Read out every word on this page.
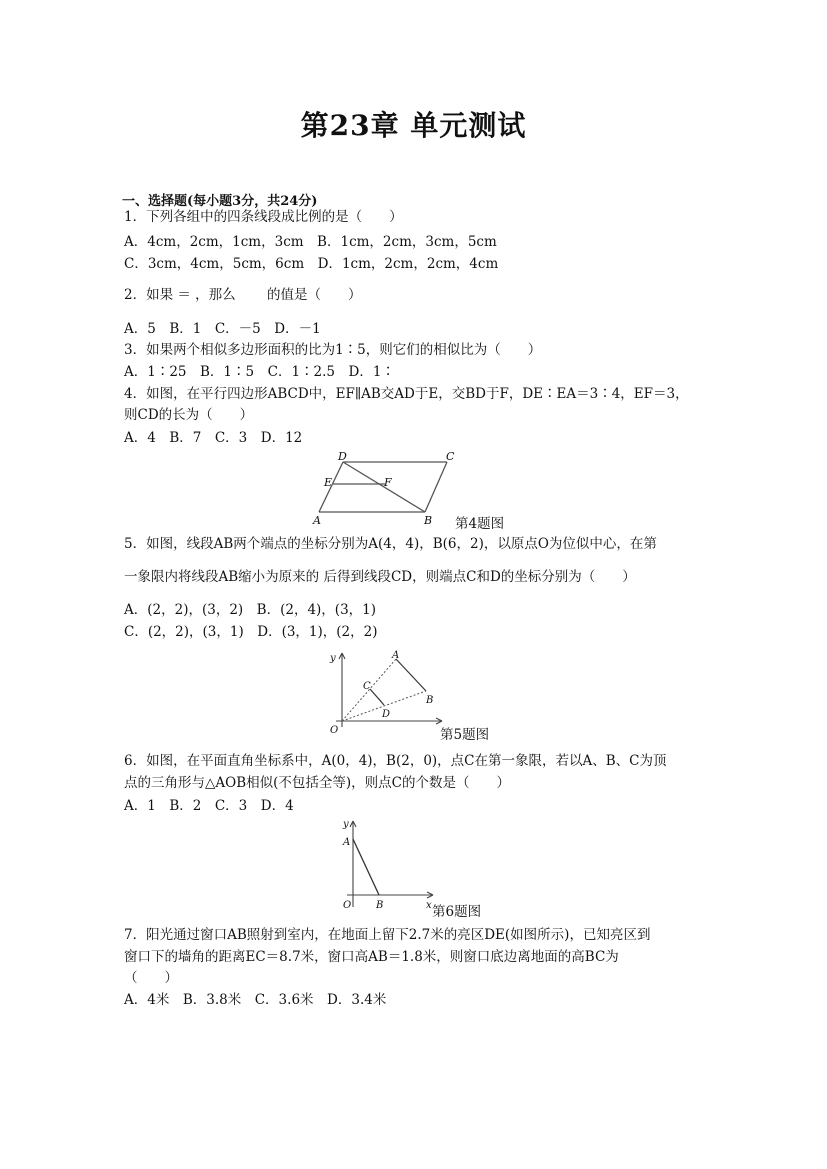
第23章 单元测试
一、选择题(每小题3分，共24分)
1．下列各组中的四条线段成比例的是（　　）
A．4cm，2cm，1cm，3cm　B．1cm，2cm，3cm，5cm
C．3cm，4cm，5cm，6cm　D．1cm，2cm，2cm，4cm
2．如果 ＝ ，那么　　 的值是（　　）
A．5　B．1　C．－5　D．－1
3．如果两个相似多边形面积的比为1∶5，则它们的相似比为（　　）
A．1∶25　B．1∶5　C．1∶2.5　D．1∶
4．如图，在平行四边形ABCD中，EF∥AB交AD于E，交BD于F，DE∶EA＝3∶4，EF＝3，
则CD的长为（　　）
A．4　B．7　C．3　D．12
D	C
E	F
A	B 第4题图
5．如图，线段AB两个端点的坐标分别为A(4，4)，B(6，2)，以原点O为位似中心，在第
一象限内将线段AB缩小为原来的 后得到线段CD，则端点C和D的坐标分别为（　　）
A．(2，2)，(3，2)　B．(2，4)，(3，1)
C．(2，2)，(3，1)　D．(3，1)，(2，2)
y	A
B
C
D
O	第5题图
6．如图，在平面直角坐标系中，A(0，4)，B(2，0)，点C在第一象限，若以A、B、C为顶
点的三角形与△AOB相似(不包括全等)，则点C的个数是（　　）
A．1　B．2　C．3　D．4
y
A
O B	x 第6题图
7．阳光通过窗口AB照射到室内，在地面上留下2.7米的亮区DE(如图所示)，已知亮区到
窗口下的墙角的距离EC＝8.7米，窗口高AB＝1.8米，则窗口底边离地面的高BC为
（　　）
A．4米　B．3.8米　C．3.6米　D．3.4米
